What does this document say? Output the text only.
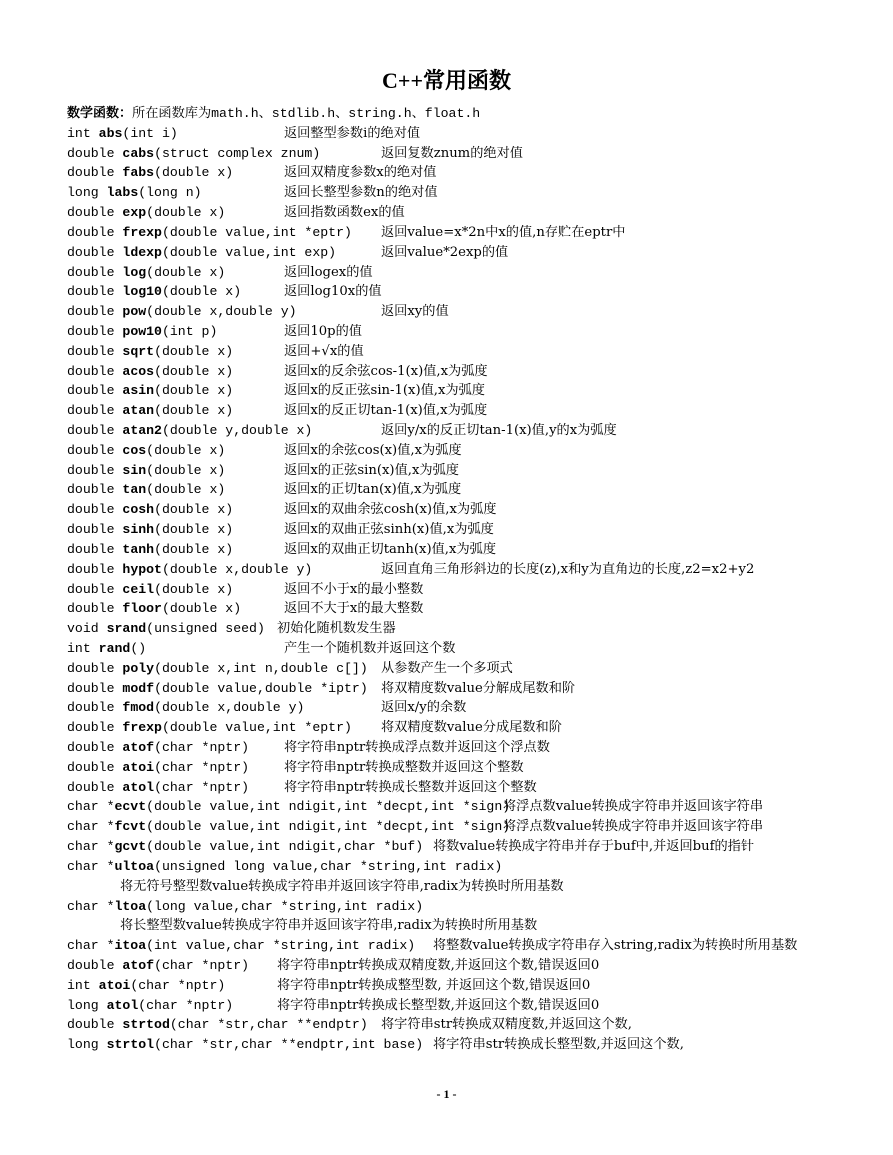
C++常用函数
数学函数：所在函数库为math.h、stdlib.h、string.h、float.h
int abs(int i)	返回整型参数i的绝对值
double cabs(struct complex znum)	返回复数znum的绝对值
double fabs(double x)	返回双精度参数x的绝对值
long labs(long n)	返回长整型参数n的绝对值
double exp(double x)	返回指数函数ex的值
double frexp(double value,int *eptr) 返回value=x*2n中x的值,n存贮在eptr中
double ldexp(double value,int exp)	返回value*2exp的值
double log(double x)	返回logex的值
double log10(double x)	返回log10x的值
double pow(double x,double y)	返回xy的值
double pow10(int p)	返回10p的值
double sqrt(double x)	返回+√x的值
double acos(double x)	返回x的反余弦cos-1(x)值,x为弧度
double asin(double x)	返回x的反正弦sin-1(x)值,x为弧度
double atan(double x)	返回x的反正切tan-1(x)值,x为弧度
double atan2(double y,double x)	返回y/x的反正切tan-1(x)值,y的x为弧度
double cos(double x)	返回x的余弦cos(x)值,x为弧度
double sin(double x)	返回x的正弦sin(x)值,x为弧度
double tan(double x)	返回x的正切tan(x)值,x为弧度
double cosh(double x)	返回x的双曲余弦cosh(x)值,x为弧度
double sinh(double x)	返回x的双曲正弦sinh(x)值,x为弧度
double tanh(double x)	返回x的双曲正切tanh(x)值,x为弧度
double hypot(double x,double y)	返回直角三角形斜边的长度(z),x和y为直角边的长度,z2=x2+y2
double ceil(double x)	返回不小于x的最小整数
double floor(double x)	返回不大于x的最大整数
void srand(unsigned seed) 初始化随机数发生器
int rand()	产生一个随机数并返回这个数
double poly(double x,int n,double c[]) 从参数产生一个多项式
double modf(double value,double *iptr) 将双精度数value分解成尾数和阶
double fmod(double x,double y)	返回x/y的余数
double frexp(double value,int *eptr) 将双精度数value分成尾数和阶
double atof(char *nptr)	将字符串nptr转换成浮点数并返回这个浮点数
double atoi(char *nptr)	将字符串nptr转换成整数并返回这个整数
double atol(char *nptr)	将字符串nptr转换成长整数并返回这个整数
char *ecvt(double value,int ndigit,int *decpt,int *sign)
将浮点数value转换成字符串并返回该字符串
char *fcvt(double value,int ndigit,int *decpt,int *sign)
将浮点数value转换成字符串并返回该字符串
char *gcvt(double value,int ndigit,char *buf) 将数value转换成字符串并存于buf中,并返回buf的指针
char *ultoa(unsigned long value,char *string,int radix)
将无符号整型数value转换成字符串并返回该字符串,radix为转换时所用基数
char *ltoa(long value,char *string,int radix)
将长整型数value转换成字符串并返回该字符串,radix为转换时所用基数
char *itoa(int value,char *string,int radix) 将整数value转换成字符串存入string,radix为转换时所用基数
double atof(char *nptr) 将字符串nptr转换成双精度数,并返回这个数,错误返回0
int atoi(char *nptr)	将字符串nptr转换成整型数, 并返回这个数,错误返回0
long atol(char *nptr)	将字符串nptr转换成长整型数,并返回这个数,错误返回0
double strtod(char *str,char **endptr) 将字符串str转换成双精度数,并返回这个数,
long strtol(char *str,char **endptr,int base) 将字符串str转换成长整型数,并返回这个数,
- 1 -
